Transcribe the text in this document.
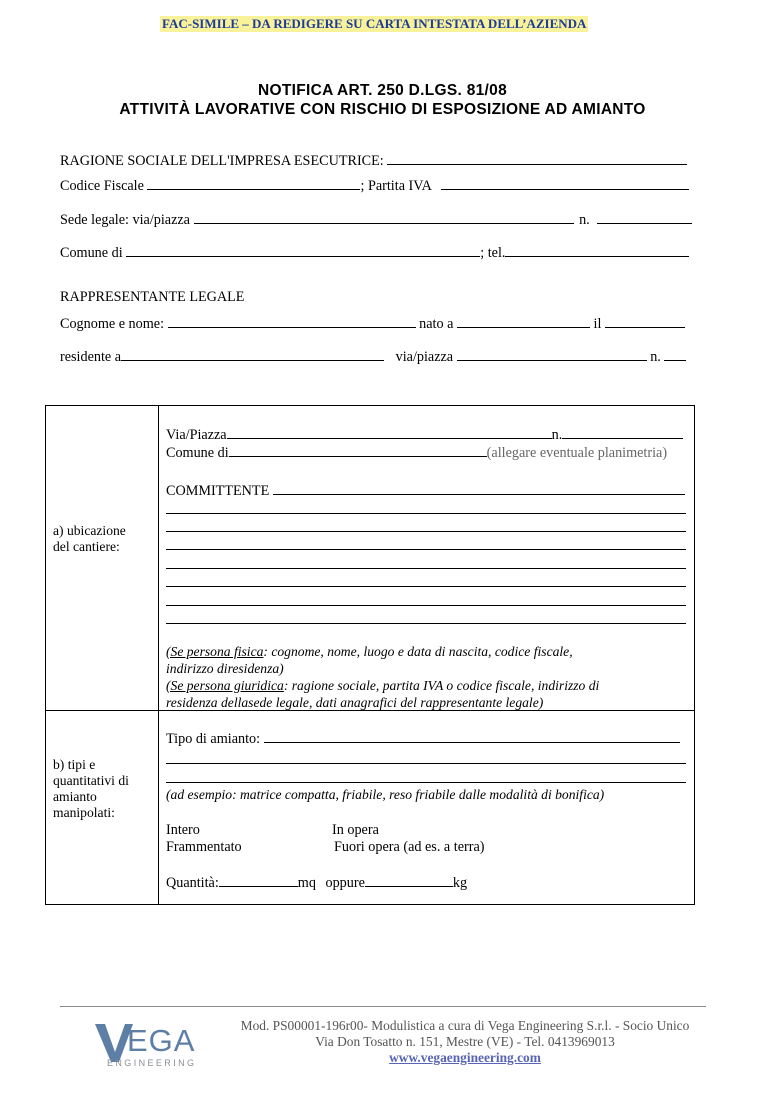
FAC-SIMILE – DA REDIGERE SU CARTA INTESTATA DELL’AZIENDA
NOTIFICA ART. 250 D.LGS. 81/08
ATTIVITÀ LAVORATIVE CON RISCHIO DI ESPOSIZIONE AD AMIANTO
RAGIONE SOCIALE DELL'IMPRESA ESECUTRICE:
Codice Fiscale	; Partita IVA
Sede legale: via/piazza	n.
Comune di	; tel.
RAPPRESENTANTE LEGALE
Cognome e nome:	nato a	il
residente a	via/piazza	n.
a) ubicazione
del cantiere:
Via/Piazza	n.
Comune di	(allegare eventuale planimetria)
COMMITTENTE
(Se persona fisica: cognome, nome, luogo e data di nascita, codice fiscale,
indirizzo diresidenza)
(Se persona giuridica: ragione sociale, partita IVA o codice fiscale, indirizzo di
residenza dellasede legale, dati anagrafici del rappresentante legale)
b) tipi e
quantitativi di
amianto
manipolati:
Tipo di amianto:
(ad esempio: matrice compatta, friabile, reso friabile dalle modalità di bonifica)
Intero	In opera
Frammentato	Fuori opera (ad es. a terra)
Quantità:	mq oppure	kg
EGA
ENGINEERING
Mod. PS00001-196r00- Modulistica a cura di Vega Engineering S.r.l. - Socio Unico
Via Don Tosatto n. 151, Mestre (VE) - Tel. 0413969013
www.vegaengineering.com
